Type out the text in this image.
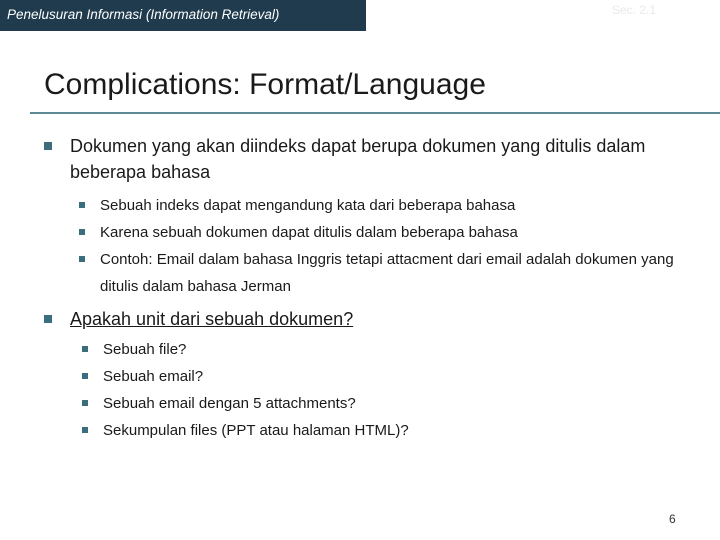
Penelusuran Informasi (Information Retrieval)	Sec. 2.1
Complications: Format/Language
Dokumen yang akan diindeks dapat berupa dokumen yang ditulis dalam beberapa bahasa
Sebuah indeks dapat mengandung kata dari beberapa bahasa
Karena sebuah dokumen dapat ditulis dalam beberapa bahasa
Contoh: Email dalam bahasa Inggris tetapi attacment dari email adalah dokumen yang ditulis dalam bahasa Jerman
Apakah unit dari sebuah dokumen?
Sebuah file?
Sebuah email?
Sebuah email dengan 5 attachments?
Sekumpulan files (PPT atau halaman HTML)?
6
